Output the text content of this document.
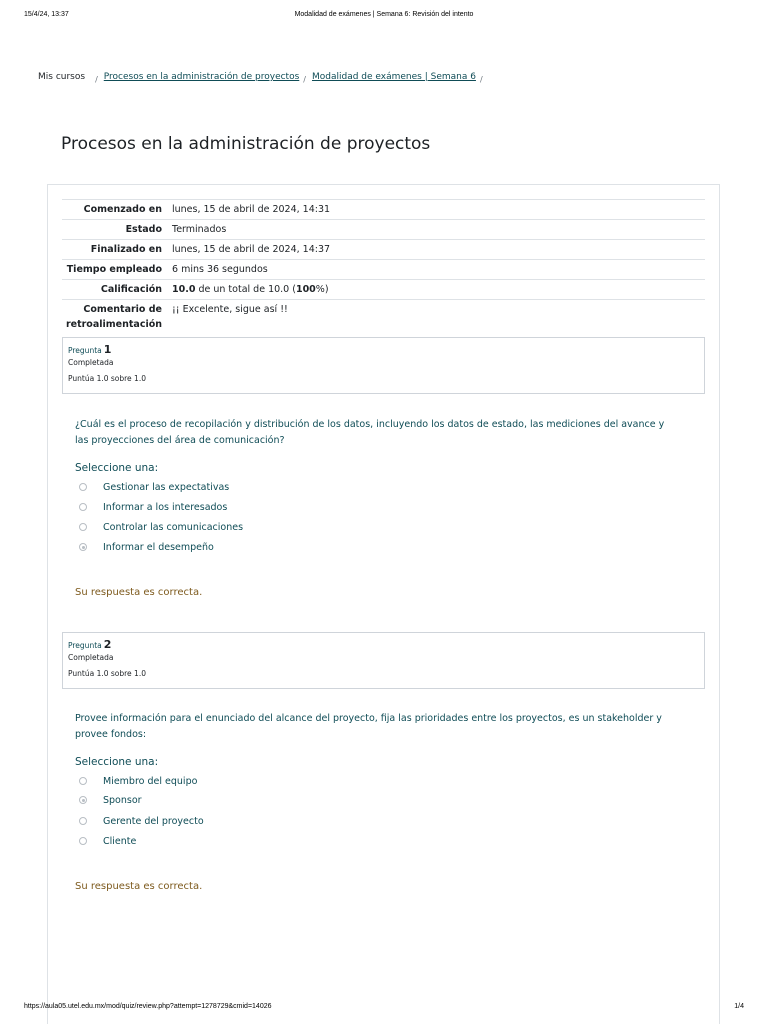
15/4/24, 13:37	Modalidad de exámenes | Semana 6: Revisión del intento
Mis cursos / Procesos en la administración de proyectos / Modalidad de exámenes | Semana 6 /
Procesos en la administración de proyectos
Comenzado en	lunes, 15 de abril de 2024, 14:31
Estado	Terminados
Finalizado en	lunes, 15 de abril de 2024, 14:37
Tiempo empleado	6 mins 36 segundos
Calificación	10.0 de un total de 10.0 (100%)
Comentario de retroalimentación	¡¡ Excelente, sigue así !!
Pregunta 1
Completada
Puntúa 1.0 sobre 1.0

¿Cuál es el proceso de recopilación y distribución de los datos, incluyendo los datos de estado, las mediciones del avance y las proyecciones del área de comunicación?

Seleccione una:
Gestionar las expectativas
Informar a los interesados
Controlar las comunicaciones
Informar el desempeño
Su respuesta es correcta.
Pregunta 2
Completada
Puntúa 1.0 sobre 1.0

Provee información para el enunciado del alcance del proyecto, fija las prioridades entre los proyectos, es un stakeholder y provee fondos:

Seleccione una:
Miembro del equipo
Sponsor
Gerente del proyecto
Cliente
Su respuesta es correcta.
https://aula05.utel.edu.mx/mod/quiz/review.php?attempt=1278729&cmid=14026	1/4
